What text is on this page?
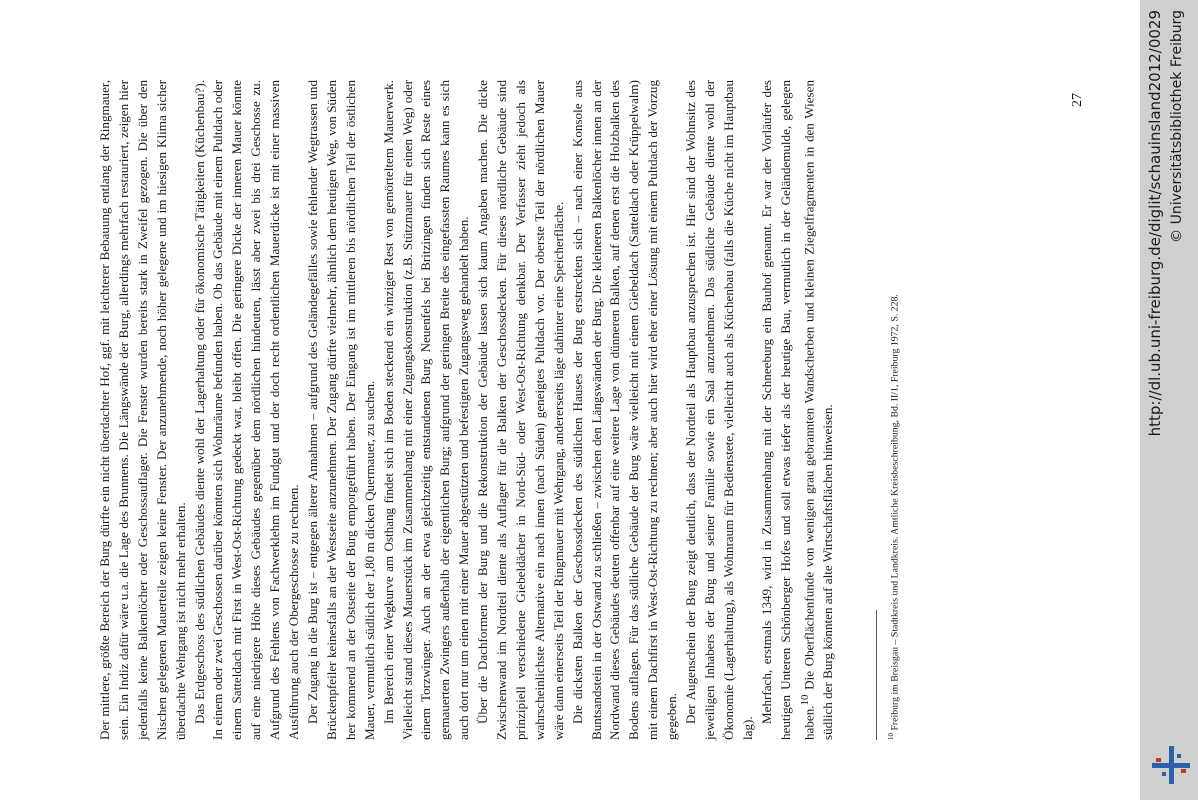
Der mittlere, größte Bereich der Burg dürfte ein nicht überdachter Hof, ggf. mit leichterer Bebauung entlang der Ringmauer, sein. Ein Indiz dafür wäre u.a. die Lage des Brunnens. Die Längswände der Burg, allerdings mehrfach restauriert, zeigen hier jedenfalls keine Balkenlöcher oder Geschossauflager. Die Fenster wurden bereits stark in Zweifel gezogen. Die über den Nischen gelegenen Mauerteile zeigen keine Fenster. Der anzunehmende, noch höher gelegene und im hiesigen Klima sicher überdachte Wehrgang ist nicht mehr erhalten. Das Erdgeschoss des südlichen Gebäudes diente wohl der Lagerhaltung oder für ökonomische Tätigkeiten (Küchenbau?). In einem oder zwei Geschossen darüber könnten sich Wohnräume befunden haben. Ob das Gebäude mit einem Pultdach oder einem Satteldach mit First in West-Ost-Richtung gedeckt war, bleibt offen. Die geringere Dicke der inneren Mauer könnte auf eine niedrigere Höhe dieses Gebäudes gegenüber dem nördlichen hindeuten, lässt aber zwei bis drei Geschosse zu. Aufgrund des Fehlens von Fachwerklehm im Fundgut und der doch recht ordentlichen Mauerdicke ist mit einer massiven Ausführung auch der Obergeschosse zu rechnen. Der Zugang in die Burg ist – entgegen älterer Annahmen – aufgrund des Geländegefälles sowie fehlender Wegtrassen und Brückenpfeiler keinesfalls an der Westseite anzunehmen. Der Zugang dürfte vielmehr, ähnlich dem heutigen Weg, von Süden her kommend an der Ostseite der Burg emporgeführt haben. Der Eingang ist im mittleren bis nördlichen Teil der östlichen Mauer, vermutlich südlich der 1,80 m dicken Quermauer, zu suchen. Im Bereich einer Wegkurve am Osthang findet sich im Boden steckend ein winziger Rest von gemörteltem Mauerwerk. Vielleicht stand dieses Mauerstück im Zusammenhang mit einer Zugangskonstruktion (z.B. Stützmauer für einen Weg) oder einem Torzwinger. Auch an der etwa gleichzeitig entstandenen Burg Neuenfels bei Britzingen finden sich Reste eines gemauerten Zwingers außerhalb der eigentlichen Burg; aufgrund der geringen Breite des eingefassten Raumes kann es sich auch dort nur um einen mit einer Mauer abgestützten und befestigten Zugangsweg gehandelt haben. Über die Dachformen der Burg und die Rekonstruktion der Gebäude lassen sich kaum Angaben machen. Die dicke Zwischenwand im Nordteil diente als Auflager für die Balken der Geschossdecken. Für dieses nördliche Gebäude sind prinzipiell verschiedene Giebeldächer in Nord-Süd- oder West-Ost-Richtung denkbar. Der Verfasser zieht jedoch als wahrscheinlichste Alternative ein nach innen (nach Süden) geneigtes Pultdach vor. Der oberste Teil der nördlichen Mauer wäre dann einerseits Teil der Ringmauer mit Wehrgang, andererseits läge dahinter eine Speicherfläche. Die dicksten Balken der Geschossdecken des südlichen Hauses der Burg erstreckten sich – nach einer Konsole aus Buntsandstein in der Ostwand zu schließen – zwischen den Längswänden der Burg. Die kleineren Balkenlöcher innen an der Nordwand dieses Gebäudes deuten offenbar auf eine weitere Lage von dünneren Balken, auf denen erst die Holzbalken des Bodens auflagen. Für das südliche Gebäude der Burg wäre vielleicht mit einem Giebeldach (Satteldach oder Krüppelwalm) mit einem Dachfirst in West-Ost-Richtung zu rechnen; aber auch hier wird eher einer Lösung mit einem Pultdach der Vorzug gegeben. Der Augenschein der Burg zeigt deutlich, dass der Nordteil als Hauptbau anzusprechen ist. Hier sind der Wohnsitz des jeweiligen Inhabers der Burg und seiner Familie sowie ein Saal anzunehmen. Das südliche Gebäude diente wohl der Ökonomie (Lagerhaltung), als Wohnraum für Bedienstete, vielleicht auch als Küchenbau (falls die Küche nicht im Hauptbau lag).

Mehrfach, erstmals 1349, wird in Zusammenhang mit der Schneeburg ein Bauhof genannt. Er war der Vorläufer des heutigen Unteren Schönberger Hofes und soll etwas tiefer als der heutige Bau, vermutlich in der Geländemulde, gelegen haben.$^{10}$ Die Oberflächenfunde von wenigen grau gebrannten Wandscherben und kleinen Ziegelfragmenten in den Wiesen südlich der Burg könnten auf alte Wirtschaftsflächen hinweisen.	$^{10}$ Freiburg im Breisgau – Stadtkreis und Landkreis. Amtliche Kreisbeschreibung, Bd. II/1, Freiburg 1972, S. 228.
27	http://dl.ub.uni-freiburg.de/diglit/schauinsland2012/0029 © Universitätsbibliothek Freiburg
